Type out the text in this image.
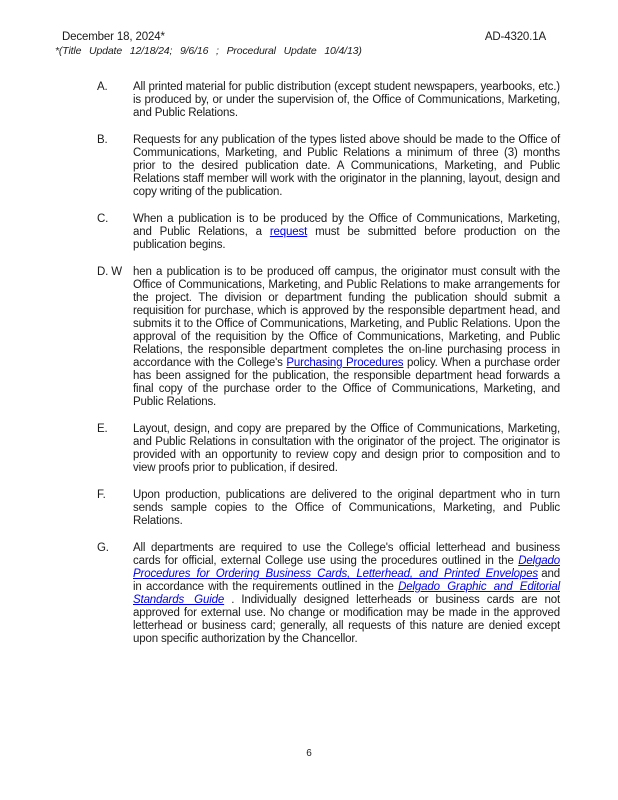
December 18, 2024*	AD-4320.1A
*(Title Update 12/18/24; 9/6/16 ; Procedural Update 10/4/13)
A.	All printed material for public distribution (except student newspapers, yearbooks, etc.) is produced by, or under the supervision of, the Office of Communications, Marketing, and Public Relations.
B.	Requests for any publication of the types listed above should be made to the Office of Communications, Marketing, and Public Relations a minimum of three (3) months prior to the desired publication date. A Communications, Marketing, and Public Relations staff member will work with the originator in the planning, layout, design and copy writing of the publication.
C.	When a publication is to be produced by the Office of Communications, Marketing, and Public Relations, a request must be submitted before production on the publication begins.
D. W hen a publication is to be produced off campus, the originator must consult with the Office of Communications, Marketing, and Public Relations to make arrangements for the project. The division or department funding the publication should submit a requisition for purchase, which is approved by the responsible department head, and submits it to the Office of Communications, Marketing, and Public Relations. Upon the approval of the requisition by the Office of Communications, Marketing, and Public Relations, the responsible department completes the on-line purchasing process in accordance with the College's Purchasing Procedures policy. When a purchase order has been assigned for the publication, the responsible department head forwards a final copy of the purchase order to the Office of Communications, Marketing, and Public Relations.
E.	Layout, design, and copy are prepared by the Office of Communications, Marketing, and Public Relations in consultation with the originator of the project. The originator is provided with an opportunity to review copy and design prior to composition and to view proofs prior to publication, if desired.
F.	Upon production, publications are delivered to the original department who in turn sends sample copies to the Office of Communications, Marketing, and Public Relations.
G.	All departments are required to use the College's official letterhead and business cards for official, external College use using the procedures outlined in the Delgado Procedures for Ordering Business Cards, Letterhead, and Printed Envelopes and in accordance with the requirements outlined in the Delgado Graphic and Editorial Standards Guide . Individually designed letterheads or business cards are not approved for external use. No change or modification may be made in the approved letterhead or business card; generally, all requests of this nature are denied except upon specific authorization by the Chancellor.
6
